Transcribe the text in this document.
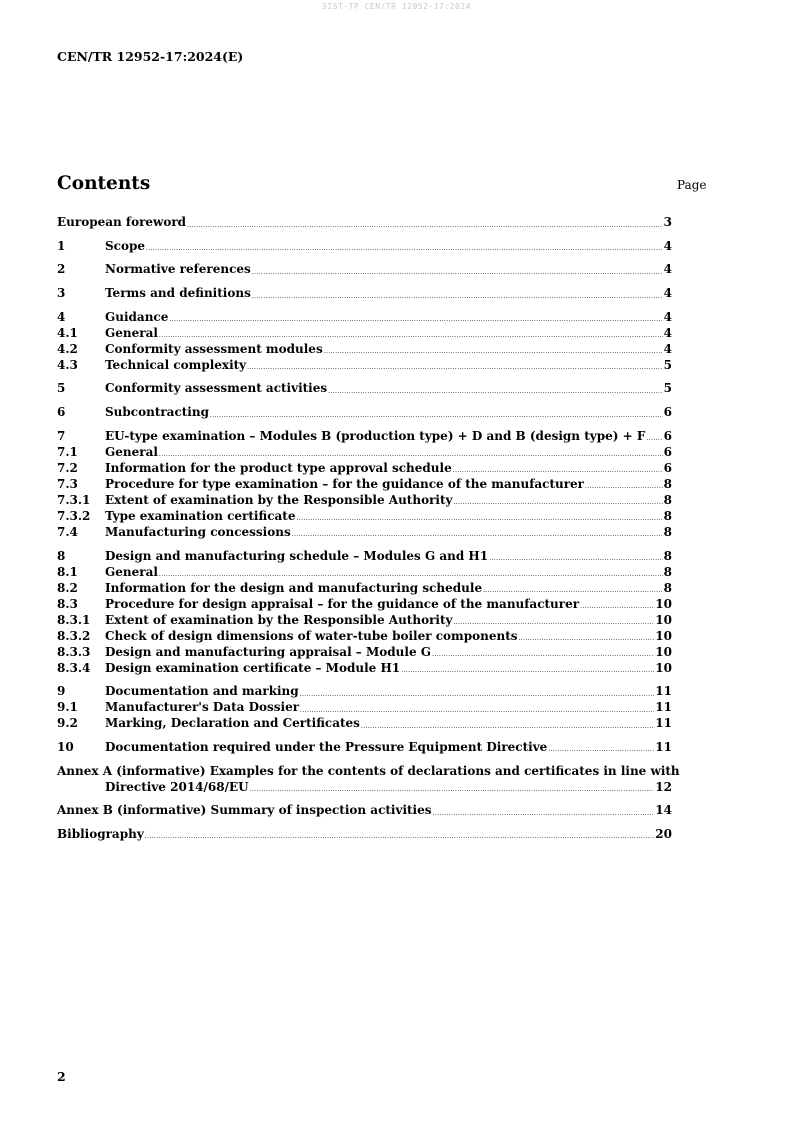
SIST-TP CEN/TR 12952-17:2024
CEN/TR 12952-17:2024(E)
Contents	Page
European foreword .....	3
1	Scope .....	4
2	Normative references .....	4
3	Terms and definitions .....	4
4	Guidance .....	4
4.1	General .....	4
4.2	Conformity assessment modules .....	4
4.3	Technical complexity .....	5
5	Conformity assessment activities .....	5
6	Subcontracting .....	6
7	EU-type examination – Modules B (production type) + D and B (design type) + F ..... 6
7.1	General .....	6
7.2	Information for the product type approval schedule .....	6
7.3	Procedure for type examination – for the guidance of the manufacturer .....	8
7.3.1	Extent of examination by the Responsible Authority .....	8
7.3.2	Type examination certificate .....	8
7.4	Manufacturing concessions .....	8
8	Design and manufacturing schedule – Modules G and H1 .....	8
8.1	General .....	8
8.2	Information for the design and manufacturing schedule .....	8
8.3	Procedure for design appraisal – for the guidance of the manufacturer .....	10
8.3.1	Extent of examination by the Responsible Authority .....	10
8.3.2	Check of design dimensions of water-tube boiler components .....	10
8.3.3	Design and manufacturing appraisal – Module G .....	10
8.3.4	Design examination certificate – Module H1 .....	10
9	Documentation and marking .....	11
9.1	Manufacturer's Data Dossier .....	11
9.2	Marking, Declaration and Certificates .....	11
10	Documentation required under the Pressure Equipment Directive .....	11
Annex A (informative) Examples for the contents of declarations and certificates in line with
Directive 2014/68/EU .....	12
Annex B (informative) Summary of inspection activities .....	14
Bibliography .....	20
2
